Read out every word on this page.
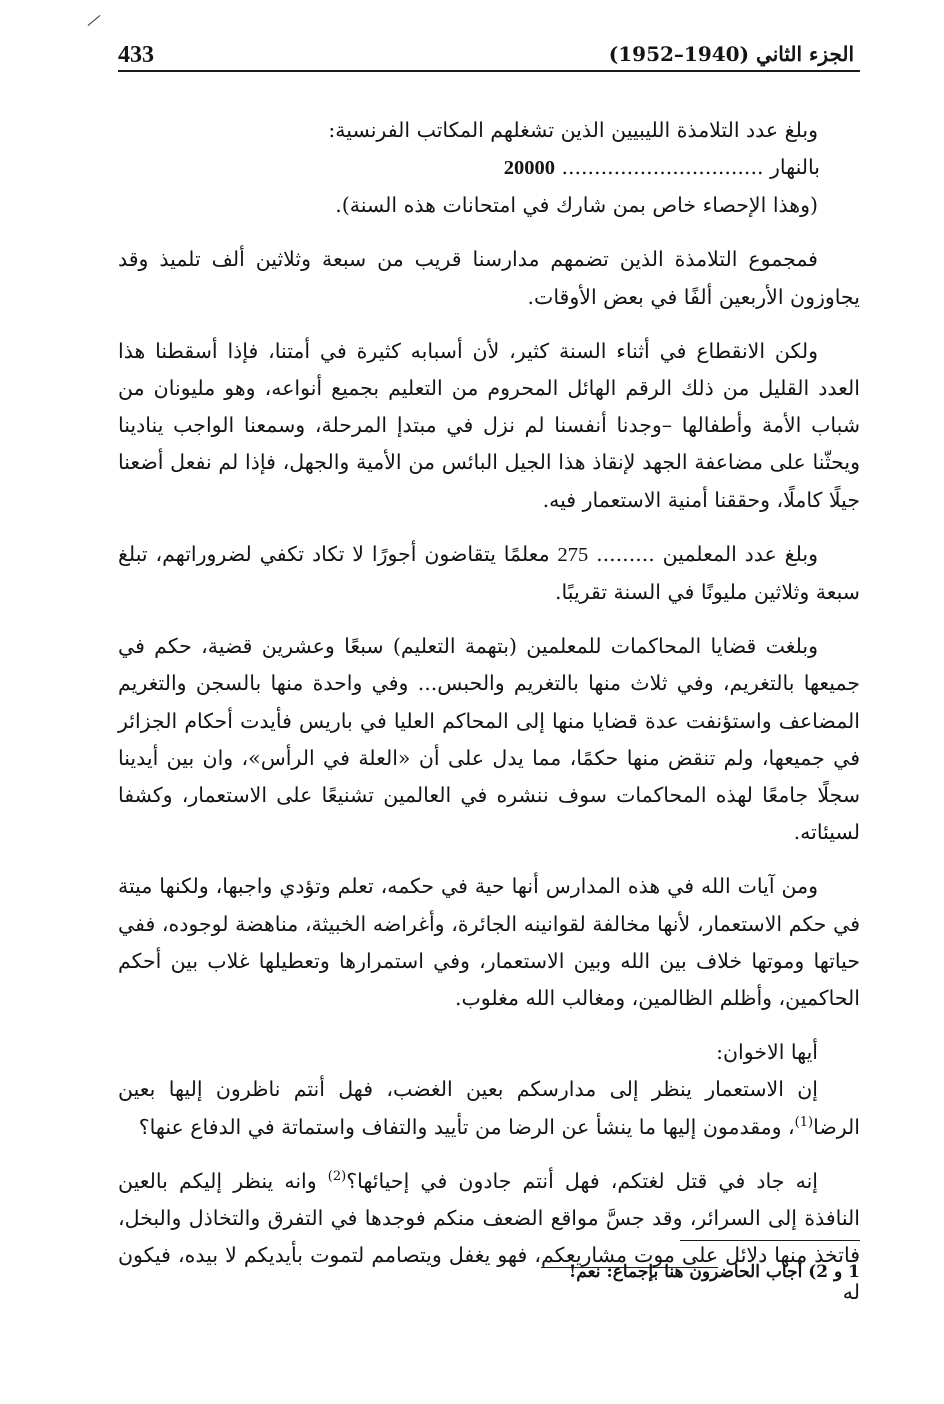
433	الجزء الثاني (1940–1952)

وبلغ عدد التلامذة الليبيين الذين تشغلهم المكاتب الفرنسية:

بالنهار ............................... 20000

(وهذا الإحصاء خاص بمن شارك في امتحانات هذه السنة).

فمجموع التلامذة الذين تضمهم مدارسنا قريب من سبعة وثلاثين ألف تلميذ وقد يجاوزون الأربعين ألفًا في بعض الأوقات.

ولكن الانقطاع في أثناء السنة كثير، لأن أسبابه كثيرة في أمتنا، فإذا أسقطنا هذا العدد القليل من ذلك الرقم الهائل المحروم من التعليم بجميع أنواعه، وهو مليونان من شباب الأمة وأطفالها –وجدنا أنفسنا لم نزل في مبتدإ المرحلة، وسمعنا الواجب ينادينا ويحثّنا على مضاعفة الجهد لإنقاذ هذا الجيل البائس من الأمية والجهل، فإذا لم نفعل أضعنا جيلًا كاملًا، وحققنا أمنية الاستعمار فيه.

وبلغ عدد المعلمين ......... 275 معلمًا يتقاضون أجورًا لا تكاد تكفي لضروراتهم، تبلغ سبعة وثلاثين مليونًا في السنة تقريبًا.

وبلغت قضايا المحاكمات للمعلمين (بتهمة التعليم) سبعًا وعشرين قضية، حكم في جميعها بالتغريم، وفي ثلاث منها بالتغريم والحبس... وفي واحدة منها بالسجن والتغريم المضاعف واستؤنفت عدة قضايا منها إلى المحاكم العليا في باريس فأيدت أحكام الجزائر في جميعها، ولم تنقض منها حكمًا، مما يدل على أن «العلة في الرأس»، وان بين أيدينا سجلًا جامعًا لهذه المحاكمات سوف ننشره في العالمين تشنيعًا على الاستعمار، وكشفا لسيئاته.

ومن آيات الله في هذه المدارس أنها حية في حكمه، تعلم وتؤدي واجبها، ولكنها ميتة في حكم الاستعمار، لأنها مخالفة لقوانينه الجائرة، وأغراضه الخبيثة، مناهضة لوجوده، ففي حياتها وموتها خلاف بين الله وبين الاستعمار، وفي استمرارها وتعطيلها غلاب بين أحكم الحاكمين، وأظلم الظالمين، ومغالب الله مغلوب.

أيها الاخوان:

إن الاستعمار ينظر إلى مدارسكم بعين الغضب، فهل أنتم ناظرون إليها بعين الرضا$^{(1)}$، ومقدمون إليها ما ينشأ عن الرضا من تأييد والتفاف واستماتة في الدفاع عنها؟

إنه جاد في قتل لغتكم، فهل أنتم جادون في إحيائها؟$^{(2)}$ وانه ينظر إليكم بالعين النافذة إلى السرائر، وقد جسَّ مواقع الضعف منكم فوجدها في التفرق والتخاذل والبخل، فاتخذ منها دلائل على موت مشاريعكم، فهو يغفل ويتصامم لتموت بأيديكم لا بيده، فيكون له

1 و 2) أجاب الحاضرون هنا بإجماع: نعم!
